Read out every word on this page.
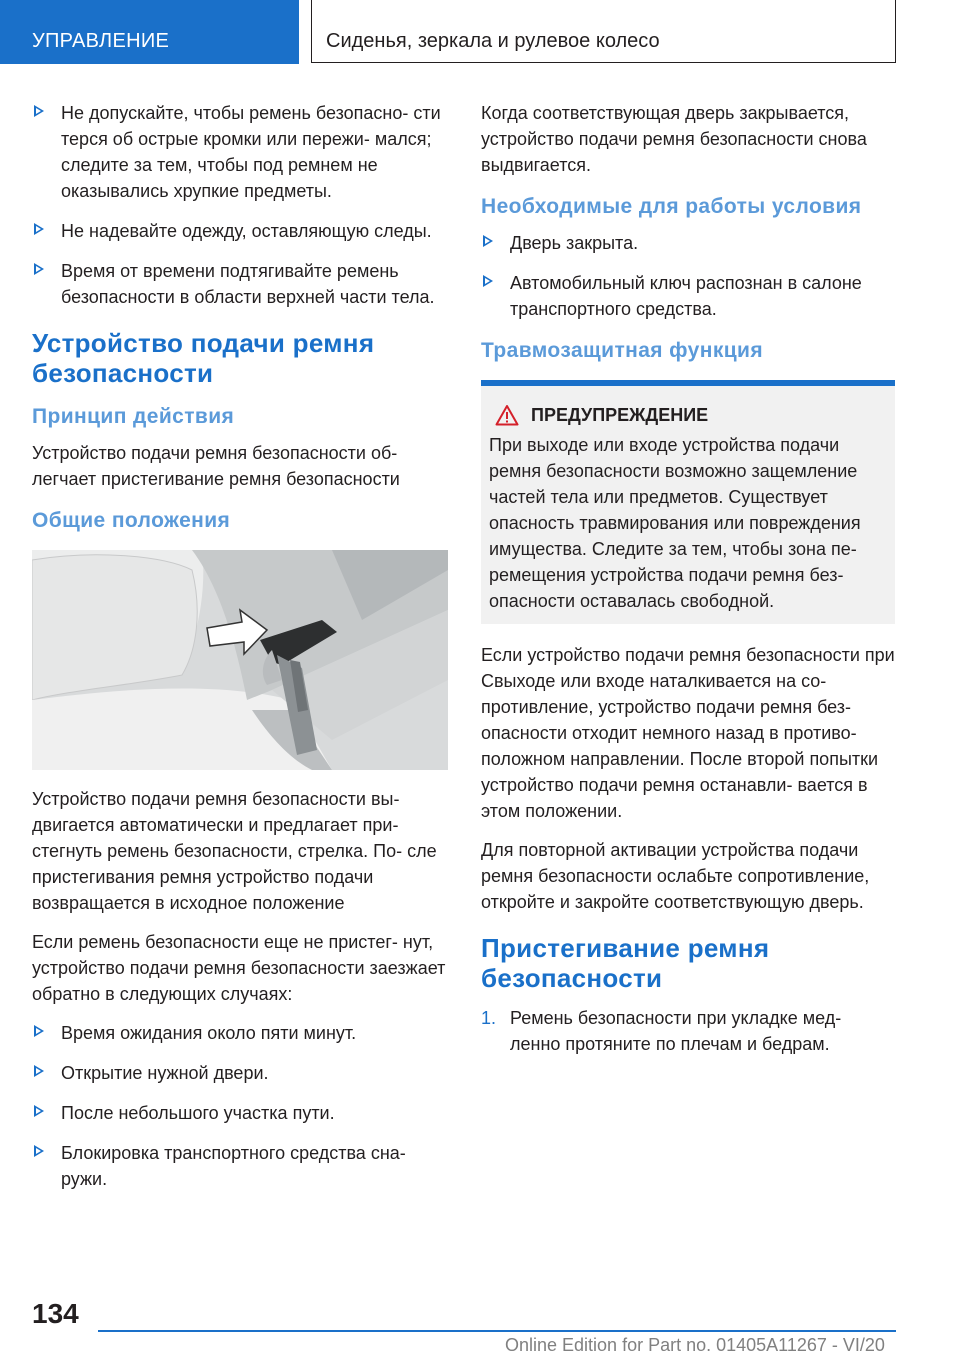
УПРАВЛЕНИЕ	Сиденья, зеркала и рулевое колесо
Не допускайте, чтобы ремень безопасно- сти терся об острые кромки или пережи- мался; следите за тем, чтобы под ремнем не оказывались хрупкие предметы.
Не надевайте одежду, оставляющую следы.
Время от времени подтягивайте ремень безопасности в области верхней части тела.
Устройство подачи ремня безопасности
Принцип действия

Устройство подачи ремня безопасности об- легчает пристегивание ремня безопасности

Общие положения

Устройство подачи ремня безопасности вы- двигается автоматически и предлагает при- стегнуть ремень безопасности, стрелка. По- сле пристегивания ремня устройство подачи возвращается в исходное положение

Если ремень безопасности еще не пристег- нут, устройство подачи ремня безопасности заезжает обратно в следующих случаях:

Время ожидания около пяти минут.
Открытие нужной двери.
После небольшого участка пути.
Блокировка транспортного средства сна- ружи.

Когда соответствующая дверь закрывается, устройство подачи ремня безопасности снова выдвигается.

Необходимые для работы условия
Дверь закрыта.
Автомобильный ключ распознан в салоне транспортного средства.
Травмозащитная функция
ПРЕДУПРЕЖДЕНИЕ

При выходе или входе устройства подачи ремня безопасности возможно защемление частей тела или предметов. Существует опасность травмирования или повреждения имущества. Следите за тем, чтобы зона пе- ремещения устройства подачи ремня без- опасности оставалась свободной.

Если устройство подачи ремня безопасности при Свыходе или входе наталкивается на со- противление, устройство подачи ремня без- опасности отходит немного назад в противо- положном направлении. После второй попытки устройство подачи ремня останавли- вается в этом положении.

Для повторной активации устройства подачи ремня безопасности ослабьте сопротивление, откройте и закройте соответствующую дверь.

Пристегивание ремня безопасности
1. Ремень безопасности при укладке мед- ленно протяните по плечам и бедрам.
134
Online Edition for Part no. 01405A11267 - VI/20
